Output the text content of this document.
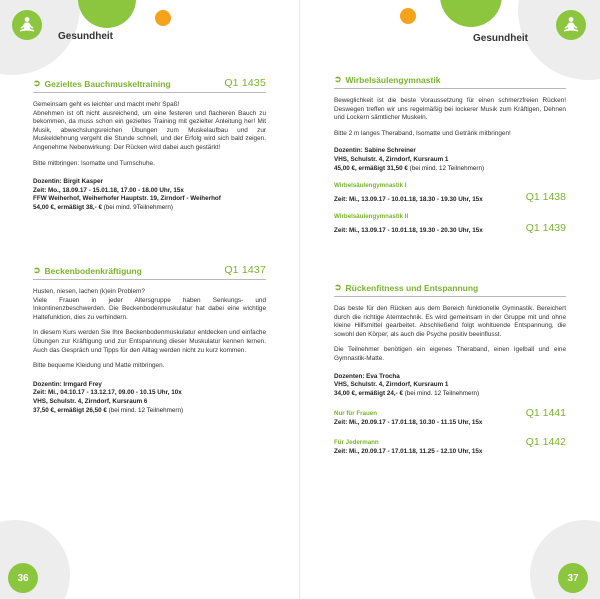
Gesundheit
➲ Gezieltes Bauchmuskeltraining	Q1 1435

Gemeinsam geht es leichter und macht mehr Spaß!

Abnehmen ist oft nicht ausreichend, um eine festeren und flacheren Bauch zu bekommen, da muss schon ein gezieltes Training mit gezielter Anleitung her! Mit Musik, abwechslungsreichen Übungen zum Muskelaufbau und zur Muskeldehnung vergeht die Stunde schnell, und der Erfolg wird sich bald zeigen. Angenehme Nebenwirkung: Der Rücken wird dabei auch gestärkt!

Bitte mitbringen: Isomatte und Turnschuhe.

Dozentin: Birgit Kasper
Zeit: Mo., 18.09.17 - 15.01.18, 17.00 - 18.00 Uhr, 15x
FFW Weiherhof, Weiherhofer Hauptstr. 19, Zirndorf - Weiherhof
54,00 €, ermäßigt 38,- € (bei mind. 9Teilnehmern)
➲ Beckenbodenkräftigung	Q1 1437

Husten, niesen, lachen (k)ein Problem?

Viele Frauen in jeder Altersgruppe haben Senkungs- und Inkontinenzbeschwerden. Die Beckenbodenmuskulatur hat dabei eine wichtige Haltefunktion, dies zu verhindern.

In diesem Kurs werden Sie Ihre Beckenbodenmuskulatur entdecken und einfache Übungen zur Kräftigung und zur Entspannung dieser Muskulatur kennen lernen. Auch das Gespräch und Tipps für den Alltag werden nicht zu kurz kommen.

Bitte bequeme Kleidung und Matte mitbringen.

Dozentin: Irmgard Frey
Zeit: Mi., 04.10.17 - 13.12.17, 09.00 - 10.15 Uhr, 10x
VHS, Schulstr. 4, Zirndorf, Kursraum 6
37,50 €, ermäßigt 26,50 € (bei mind. 12 Teilnehmern)
36
Gesundheit
➲ Wirbelsäulengymnastik

Beweglichkeit ist die beste Voraussetzung für einen schmerzfreien Rücken! Deswegen treffen wir uns regelmäßig bei lockerer Musik zum Kräftigen, Dehnen und Lockern sämtlicher Muskeln.

Bitte 2 m langes Theraband, Isomatte und Getränk mitbringen!

Dozentin: Sabine Schreiner
VHS, Schulstr. 4, Zirndorf, Kursraum 1
45,00 €, ermäßigt 31,50 € (bei mind. 12 Teilnehmern)
Wirbelsäulengymnastik I
Zeit: Mi., 13.09.17 - 10.01.18, 18.30 - 19.30 Uhr, 15x	Q1 1438
Wirbelsäulengymnastik II
Zeit: Mi., 13.09.17 - 10.01.18, 19.30 - 20.30 Uhr, 15x	Q1 1439
➲ Rückenfitness und Entspannung

Das beste für den Rücken aus dem Bereich funktionelle Gymnastik. Bereichert durch die richtige Atemtechnik. Es wird gemeinsam in der Gruppe mit und ohne kleine Hilfsmittel gearbeitet. Abschließend folgt wohltuende Entspannung, die sowohl den Körper, als auch die Psyche positiv beeinflusst.

Die Teilnehmer benötigen ein eigenes Theraband, einen Igelball und eine Gymnastik-Matte.

Dozenten: Eva Trocha
VHS, Schulstr. 4, Zirndorf, Kursraum 1
34,00 €, ermäßigt 24,- € (bei mind. 12 Teilnehmern)
Nur für Frauen	Q1 1441
Zeit: Mi., 20.09.17 - 17.01.18, 10.30 - 11.15 Uhr, 15x
Für Jedermann	Q1 1442
Zeit: Mi., 20.09.17 - 17.01.18, 11.25 - 12.10 Uhr, 15x
37
